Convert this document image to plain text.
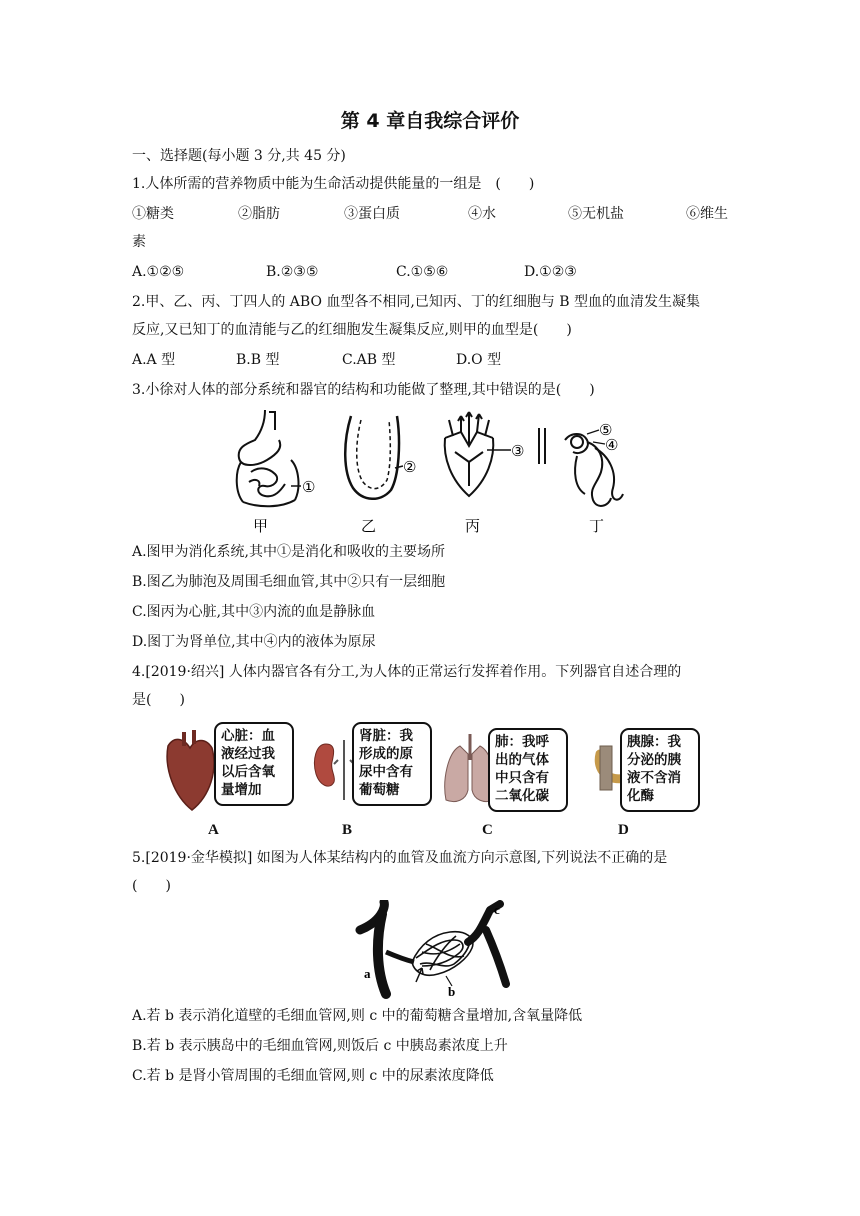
第 4 章自我综合评价
一、选择题(每小题 3 分,共 45 分)
1.人体所需的营养物质中能为生命活动提供能量的一组是　(　　)
①糖类	②脂肪	③蛋白质	④水	⑤无机盐	⑥维生
素
A.①②⑤	B.②③⑤	C.①⑤⑥	D.①②③
2.甲、乙、丙、丁四人的 ABO 血型各不相同,已知丙、丁的红细胞与 B 型血的血清发生凝集
反应,又已知丁的血清能与乙的红细胞发生凝集反应,则甲的血型是(　　)
A.A 型	B.B 型	C.AB 型	D.O 型
3.小徐对人体的部分系统和器官的结构和功能做了整理,其中错误的是(　　)
①
②
③
⑤
④
甲	乙	丙	丁
A.图甲为消化系统,其中①是消化和吸收的主要场所
B.图乙为肺泡及周围毛细血管,其中②只有一层细胞
C.图丙为心脏,其中③内流的血是静脉血
D.图丁为肾单位,其中④内的液体为原尿
4.[2019·绍兴] 人体内器官各有分工,为人体的正常运行发挥着作用。下列器官自述合理的
是(　　)
心脏：血
液经过我
以后含氧
量增加
肾脏：我
形成的原
尿中含有
葡萄糖
肺：我呼
出的气体
中只含有
二氧化碳
胰腺：我
分泌的胰
液不含消
化酶
A	B	C	D
5.[2019·金华模拟] 如图为人体某结构内的血管及血流方向示意图,下列说法不正确的是
(　　)
a
b
c
A.若 b 表示消化道壁的毛细血管网,则 c 中的葡萄糖含量增加,含氧量降低
B.若 b 表示胰岛中的毛细血管网,则饭后 c 中胰岛素浓度上升
C.若 b 是肾小管周围的毛细血管网,则 c 中的尿素浓度降低
